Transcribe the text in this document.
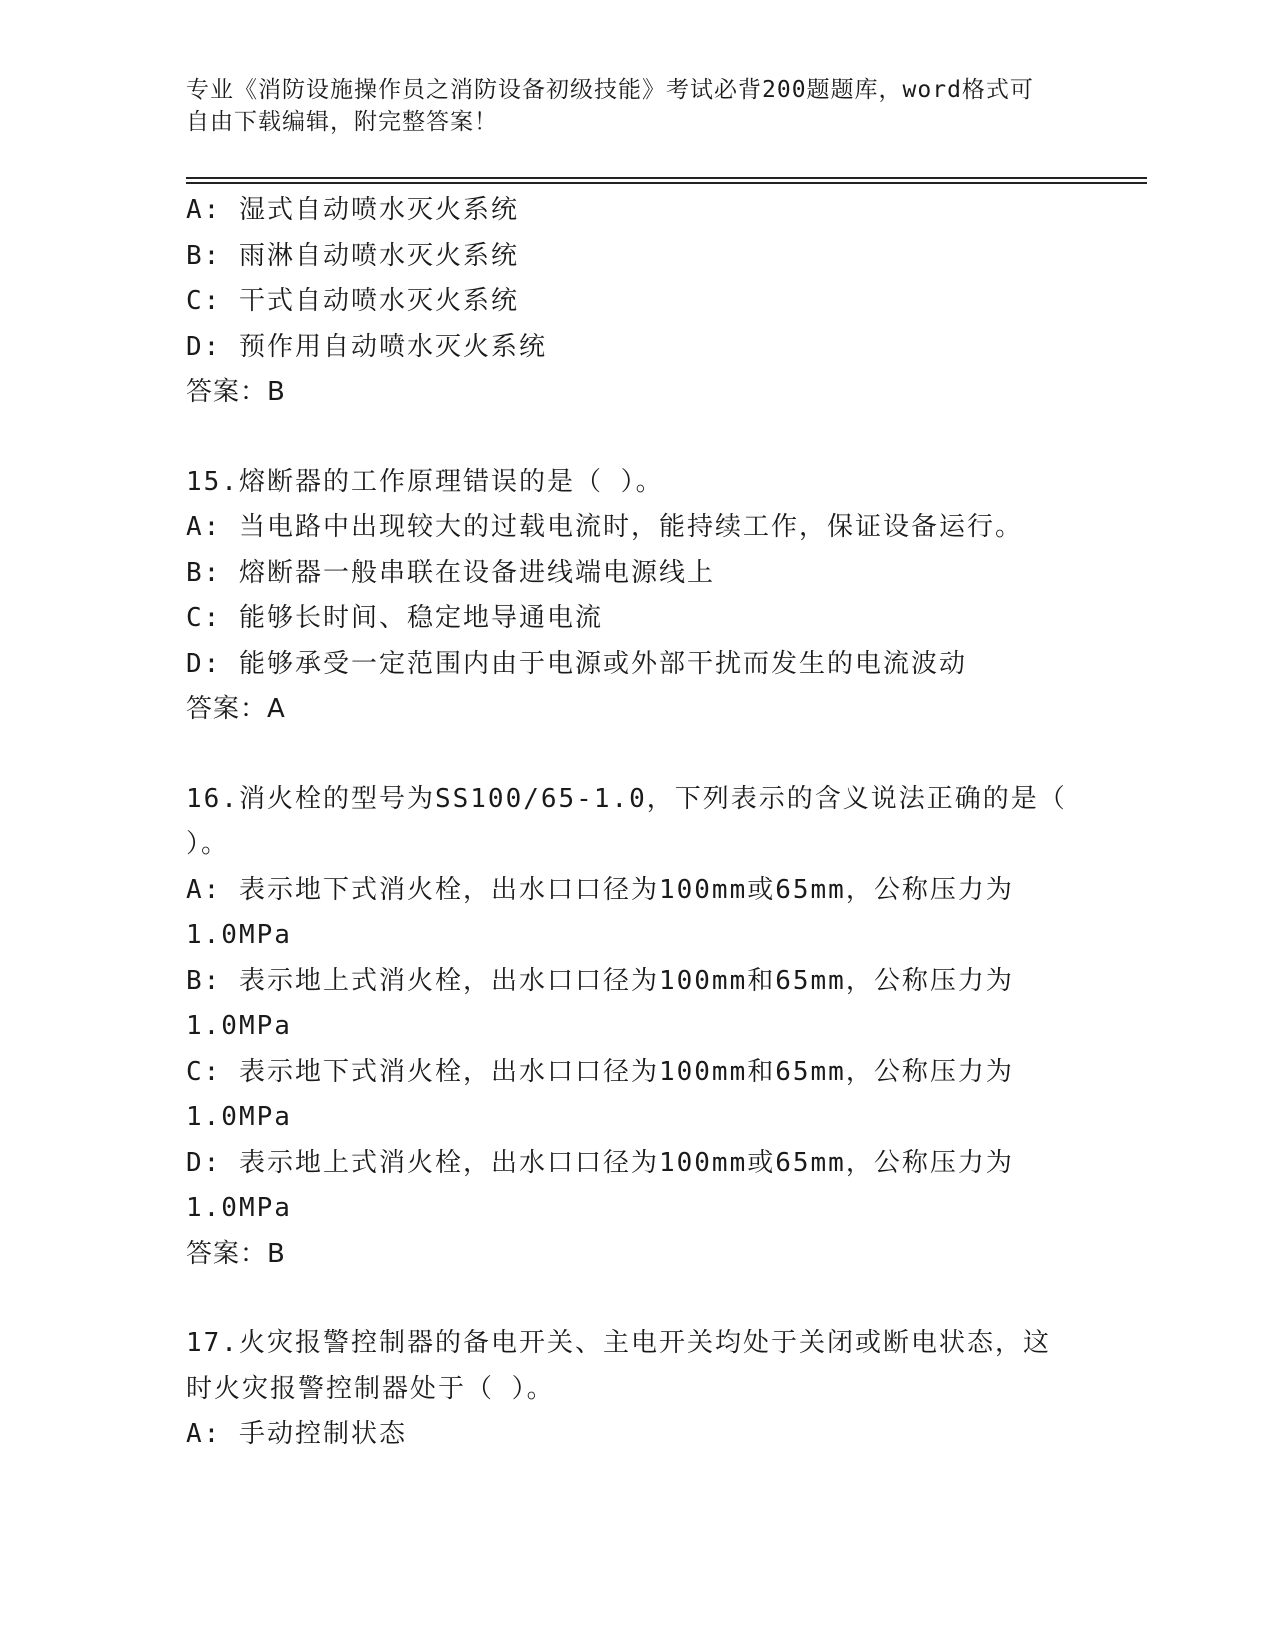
专业《消防设施操作员之消防设备初级技能》考试必背200题题库，word格式可
自由下载编辑，附完整答案！
A: 湿式自动喷水灭火系统
B: 雨淋自动喷水灭火系统
C: 干式自动喷水灭火系统
D: 预作用自动喷水灭火系统
答案：B
15.熔断器的工作原理错误的是（ ）。
A: 当电路中出现较大的过载电流时，能持续工作，保证设备运行。
B: 熔断器一般串联在设备进线端电源线上
C: 能够长时间、稳定地导通电流
D: 能够承受一定范围内由于电源或外部干扰而发生的电流波动
答案：A
16.消火栓的型号为SS100/65-1.0，下列表示的含义说法正确的是（
）。
A: 表示地下式消火栓，出水口口径为100mm或65mm，公称压力为
1.0MPa
B: 表示地上式消火栓，出水口口径为100mm和65mm，公称压力为
1.0MPa
C: 表示地下式消火栓，出水口口径为100mm和65mm，公称压力为
1.0MPa
D: 表示地上式消火栓，出水口口径为100mm或65mm，公称压力为
1.0MPa
答案：B
17.火灾报警控制器的备电开关、主电开关均处于关闭或断电状态，这
时火灾报警控制器处于（ ）。
A: 手动控制状态
